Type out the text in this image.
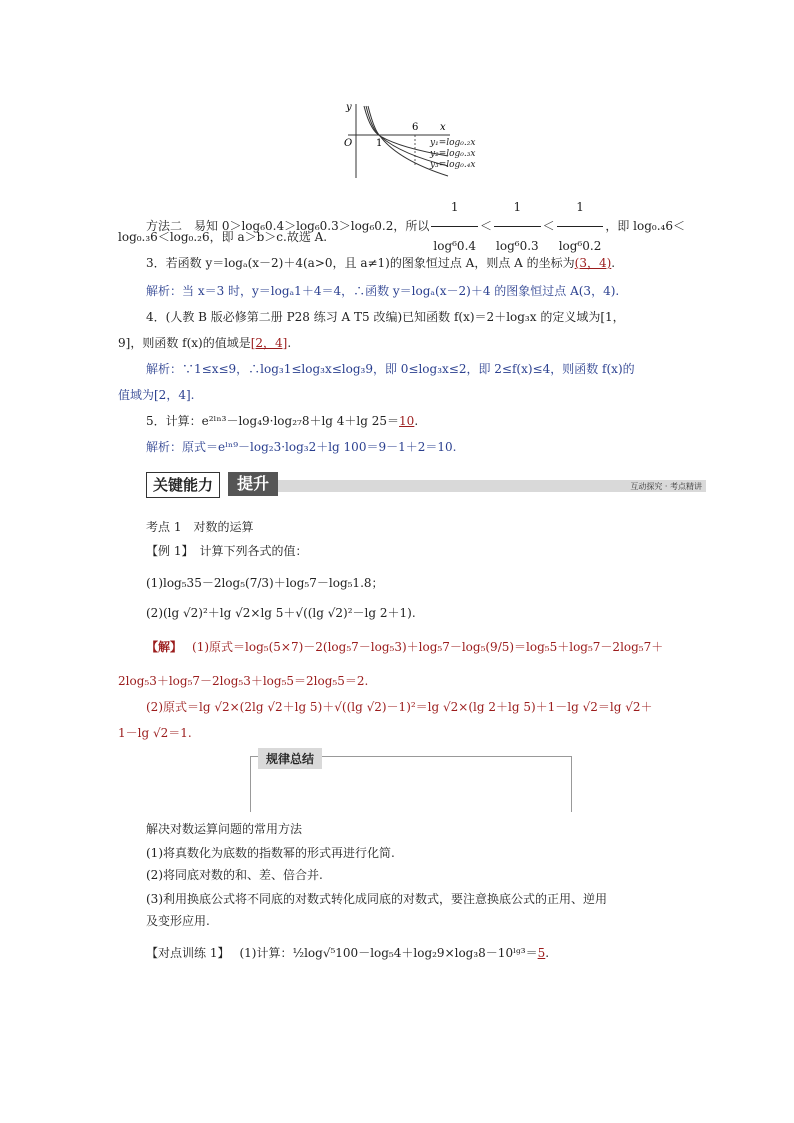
y
x
O 1
6
y₁=log₀.₂x
y₂=log₀.₃x
y₃=log₀.₄x
方法二　易知 0＞log₆0.4＞log₆0.3＞log₆0.2，所以 $\frac{1}{\text{log⁶0.4}} < \frac{1}{\text{log⁶0.3}} < \frac{1}{\text{log⁶0.2}}$ ，即 log₀.₄6＜
log₀.₃6＜log₀.₂6，即 a＞b＞c.故选 A.
3．若函数 y＝logₐ(x－2)＋4(a>0，且 a≠1)的图象恒过点 A，则点 A 的坐标为(3，4).
解析：当 x＝3 时，y＝logₐ1＋4＝4，∴函数 y＝logₐ(x－2)＋4 的图象恒过点 A(3，4).
4．(人教 B 版必修第二册 P28 练习 A T5 改编)已知函数 f(x)＝2＋log₃x 的定义域为[1，
9]，则函数 f(x)的值域是[2，4].
解析：∵1≤x≤9，∴log₃1≤log₃x≤log₃9，即 0≤log₃x≤2，即 2≤f(x)≤4，则函数 f(x)的
值域为[2，4].
5．计算：e²ˡⁿ³－log₄9·log₂₇8＋lg 4＋lg 25＝10.
解析：原式＝eˡⁿ⁹－log₂3·log₃2＋lg 100＝9－1＋2＝10.
关键能力	提升	互动探究 · 考点精讲
考点 1　对数的运算
【例 1】　计算下列各式的值：
(1)log₅35－2log₅(7/3)＋log₅7－log₅1.8；
(2)(lg √2)²＋lg √2×lg 5＋√((lg √2)²－lg 2＋1).
【解】 (1)原式＝log₅(5×7)－2(log₅7－log₅3)＋log₅7－log₅(9/5)＝log₅5＋log₅7－2log₅7＋
2log₅3＋log₅7－2log₅3＋log₅5＝2log₅5＝2.
(2)原式＝lg √2×(2lg √2＋lg 5)＋√((lg √2)－1)²＝lg √2×(lg 2＋lg 5)＋1－lg √2＝lg √2＋
1－lg √2＝1.
规律总结
解决对数运算问题的常用方法
(1)将真数化为底数的指数幂的形式再进行化简.
(2)将同底对数的和、差、倍合并.
(3)利用换底公式将不同底的对数式转化成同底的对数式，要注意换底公式的正用、逆用
及变形应用.
【对点训练 1】 (1)计算：½log√⁵100－log₅4＋log₂9×log₃8－10ˡᵍ³＝5.
